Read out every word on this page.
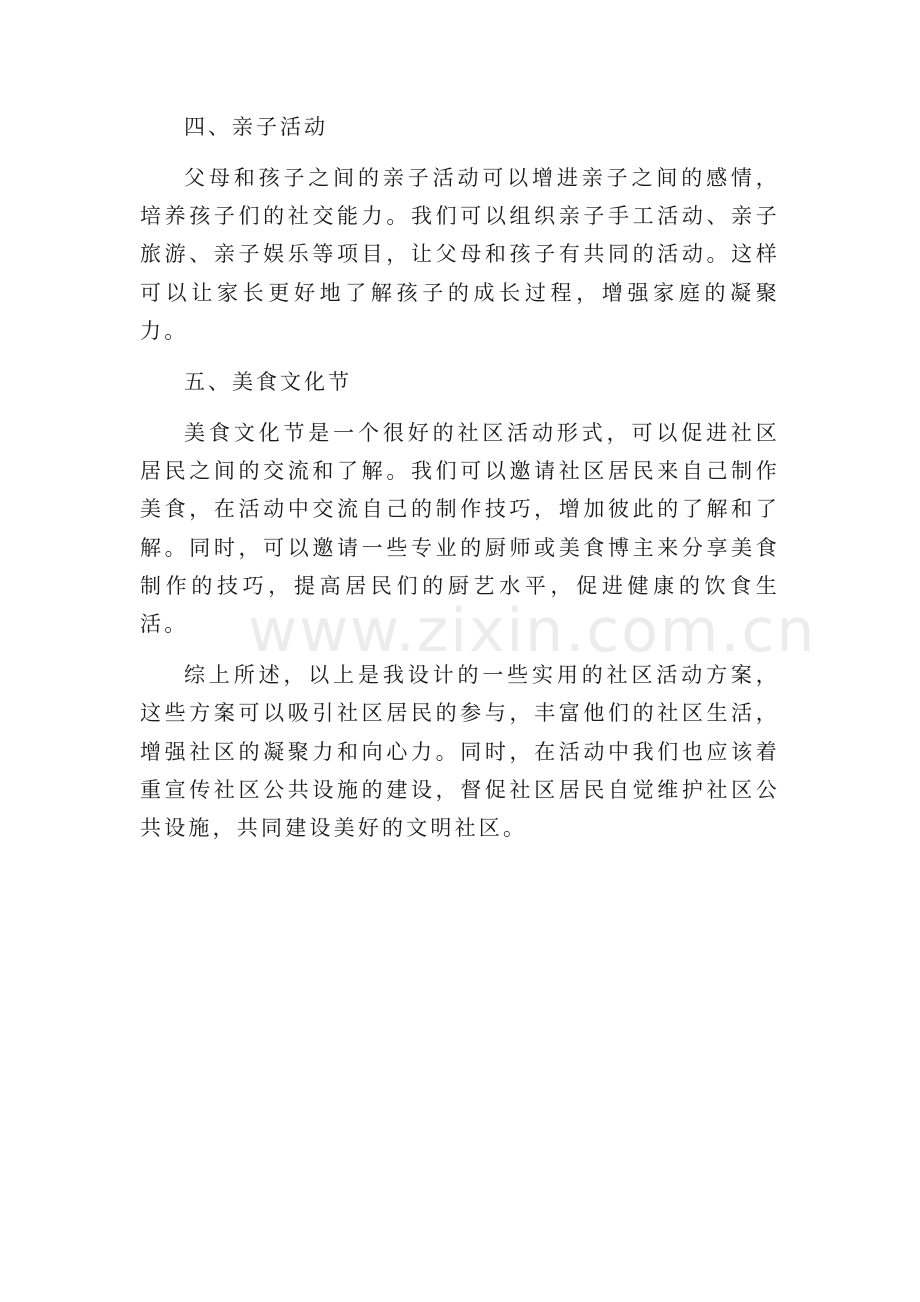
www.zixin.com.cn
四、亲子活动

父母和孩子之间的亲子活动可以增进亲子之间的感情，培养孩子们的社交能力。我们可以组织亲子手工活动、亲子旅游、亲子娱乐等项目，让父母和孩子有共同的活动。这样可以让家长更好地了解孩子的成长过程，增强家庭的凝聚力。

五、美食文化节

美食文化节是一个很好的社区活动形式，可以促进社区居民之间的交流和了解。我们可以邀请社区居民来自己制作美食，在活动中交流自己的制作技巧，增加彼此的了解和了解。同时，可以邀请一些专业的厨师或美食博主来分享美食制作的技巧，提高居民们的厨艺水平，促进健康的饮食生活。

综上所述，以上是我设计的一些实用的社区活动方案，这些方案可以吸引社区居民的参与，丰富他们的社区生活，增强社区的凝聚力和向心力。同时，在活动中我们也应该着重宣传社区公共设施的建设，督促社区居民自觉维护社区公共设施，共同建设美好的文明社区。
